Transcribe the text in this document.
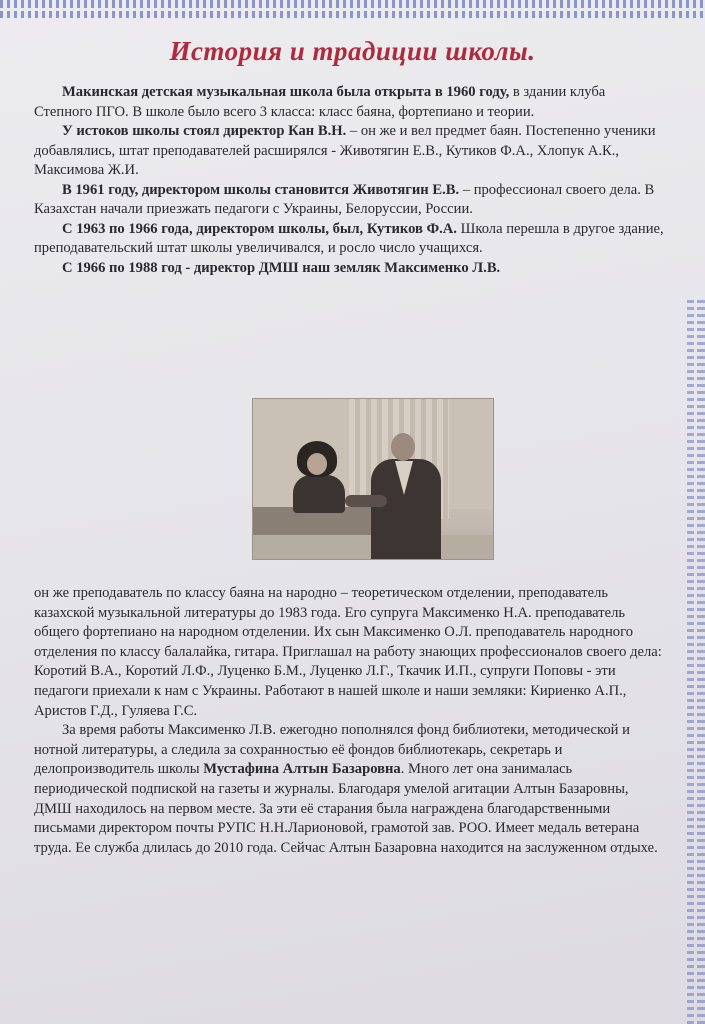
История и традиции школы.

Макинская детская музыкальная школа была открыта в 1960 году, в здании клуба Степного ПГО. В школе было всего 3 класса: класс баяна, фортепиано и теории.

У истоков школы стоял директор Кан В.Н. – он же и вел предмет баян. Постепенно ученики добавлялись, штат преподавателей расширялся - Животягин Е.В., Кутиков Ф.А., Хлопук А.К., Максимова Ж.И.

В 1961 году, директором школы становится Животягин Е.В. – профессионал своего дела. В Казахстан начали приезжать педагоги с Украины, Белоруссии, России.

С 1963 по 1966 года, директором школы, был, Кутиков Ф.А. Школа перешла в другое здание, преподавательский штат школы увеличивался, и росло число учащихся.

С 1966 по 1988 год - директор ДМШ наш земляк Максименко Л.В.

он же преподаватель по классу баяна на народно – теоретическом отделении, преподаватель казахской музыкальной литературы до 1983 года. Его супруга Максименко Н.А. преподаватель общего фортепиано на народном отделении. Их сын Максименко О.Л. преподаватель народного отделения по классу балалайка, гитара. Приглашал на работу знающих профессионалов своего дела: Коротий В.А., Коротий Л.Ф., Луценко Б.М., Луценко Л.Г., Ткачик И.П., супруги Поповы - эти педагоги приехали к нам с Украины. Работают в нашей школе и наши земляки: Кириенко А.П., Аристов Г.Д., Гуляева Г.С.

За время работы Максименко Л.В. ежегодно пополнялся фонд библиотеки, методической и нотной литературы, а следила за сохранностью её фондов библиотекарь, секретарь и делопроизводитель школы Мустафина Алтын Базаровна. Много лет она занималась периодической подпиской на газеты и журналы. Благодаря умелой агитации Алтын Базаровны, ДМШ находилось на первом месте. За эти её старания была награждена благодарственными письмами директором почты РУПС Н.Н.Ларионовой, грамотой зав. РОО. Имеет медаль ветерана труда. Ее служба длилась до 2010 года. Сейчас Алтын Базаровна находится на заслуженном отдыхе.
